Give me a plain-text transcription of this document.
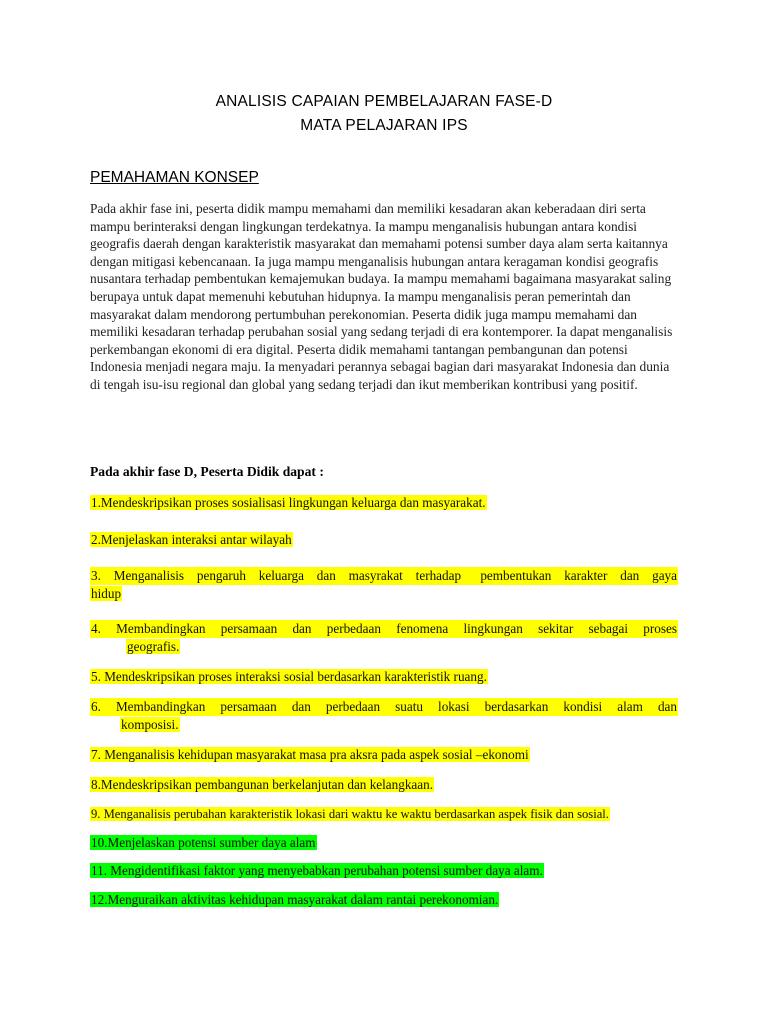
ANALISIS CAPAIAN PEMBELAJARAN FASE-D
MATA PELAJARAN IPS
PEMAHAMAN KONSEP

Pada akhir fase ini, peserta didik mampu memahami dan memiliki kesadaran akan keberadaan diri serta mampu berinteraksi dengan lingkungan terdekatnya. Ia mampu menganalisis hubungan antara kondisi geografis daerah dengan karakteristik masyarakat dan memahami potensi sumber daya alam serta kaitannya dengan mitigasi kebencanaan. Ia juga mampu menganalisis hubungan antara keragaman kondisi geografis nusantara terhadap pembentukan kemajemukan budaya. Ia mampu memahami bagaimana masyarakat saling berupaya untuk dapat memenuhi kebutuhan hidupnya. Ia mampu menganalisis peran pemerintah dan masyarakat dalam mendorong pertumbuhan perekonomian. Peserta didik juga mampu memahami dan memiliki kesadaran terhadap perubahan sosial yang sedang terjadi di era kontemporer. Ia dapat menganalisis perkembangan ekonomi di era digital. Peserta didik memahami tantangan pembangunan dan potensi Indonesia menjadi negara maju. Ia menyadari perannya sebagai bagian dari masyarakat Indonesia dan dunia di tengah isu-isu regional dan global yang sedang terjadi dan ikut memberikan kontribusi yang positif.

Pada akhir fase D, Peserta Didik dapat :

1.Mendeskripsikan proses sosialisasi lingkungan keluarga dan masyarakat.

2.Menjelaskan interaksi antar wilayah

3.  Menganalisis  pengaruh  keluarga  dan  masyrakat  terhadap   pembentukan  karakter  dan  gaya
hidup

4.  Membandingkan  persamaan  dan  perbedaan  fenomena  lingkungan  sekitar  sebagai  proses
geografis.

5. Mendeskripsikan proses interaksi sosial berdasarkan karakteristik ruang.

6.  Membandingkan  persamaan  dan  perbedaan  suatu  lokasi  berdasarkan  kondisi  alam  dan
komposisi.

7. Menganalisis kehidupan masyarakat masa pra aksra pada aspek sosial –ekonomi

8.Mendeskripsikan pembangunan berkelanjutan dan kelangkaan.

9. Menganalisis perubahan karakteristik lokasi dari waktu ke waktu berdasarkan aspek fisik dan sosial.

10.Menjelaskan potensi sumber daya alam

11. Mengidentifikasi faktor yang menyebabkan perubahan potensi sumber daya alam.

12.Menguraikan aktivitas kehidupan masyarakat dalam rantai perekonomian.
